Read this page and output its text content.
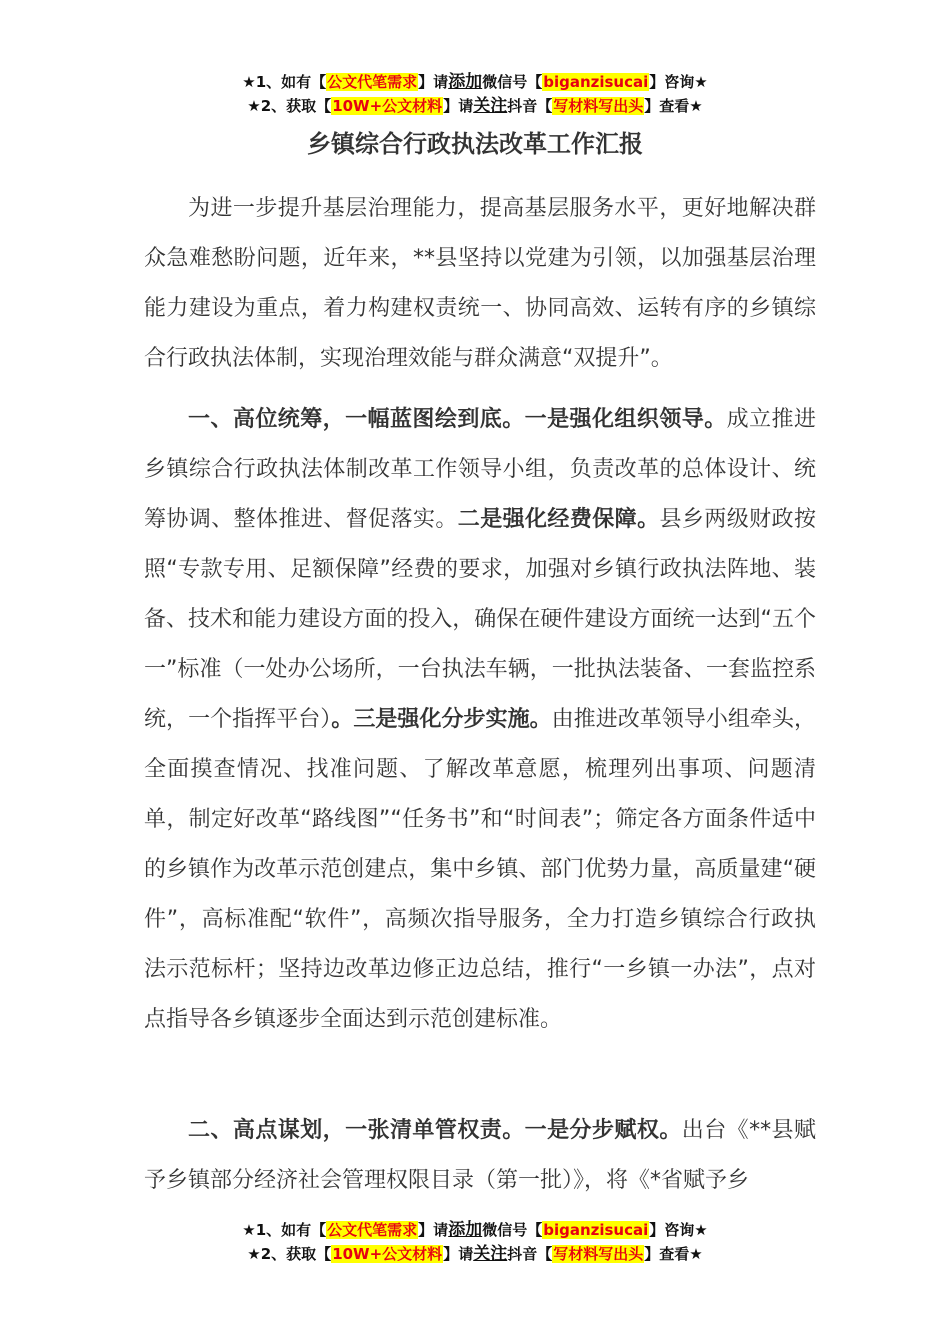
★1、如有【公文代笔需求】请添加微信号【biganzisucai】咨询★
★2、获取【10W+公文材料】请关注抖音【写材料写出头】查看★
乡镇综合行政执法改革工作汇报

为进一步提升基层治理能力，提高基层服务水平，更好地解决群众急难愁盼问题，近年来，**县坚持以党建为引领，以加强基层治理能力建设为重点，着力构建权责统一、协同高效、运转有序的乡镇综合行政执法体制，实现治理效能与群众满意“双提升”。

一、高位统筹，一幅蓝图绘到底。一是强化组织领导。成立推进乡镇综合行政执法体制改革工作领导小组，负责改革的总体设计、统筹协调、整体推进、督促落实。二是强化经费保障。县乡两级财政按照“专款专用、足额保障”经费的要求，加强对乡镇行政执法阵地、装备、技术和能力建设方面的投入，确保在硬件建设方面统一达到“五个一”标准（一处办公场所，一台执法车辆，一批执法装备、一套监控系统，一个指挥平台）。三是强化分步实施。由推进改革领导小组牵头，全面摸查情况、找准问题、了解改革意愿，梳理列出事项、问题清单，制定好改革“路线图”“任务书”和“时间表”；筛定各方面条件适中的乡镇作为改革示范创建点，集中乡镇、部门优势力量，高质量建“硬件”，高标准配“软件”，高频次指导服务，全力打造乡镇综合行政执法示范标杆；坚持边改革边修正边总结，推行“一乡镇一办法”，点对点指导各乡镇逐步全面达到示范创建标准。

二、高点谋划，一张清单管权责。一是分步赋权。出台《**县赋予乡镇部分经济社会管理权限目录（第一批）》，将《*省赋予乡

★1、如有【公文代笔需求】请添加微信号【biganzisucai】咨询★
★2、获取【10W+公文材料】请关注抖音【写材料写出头】查看★
